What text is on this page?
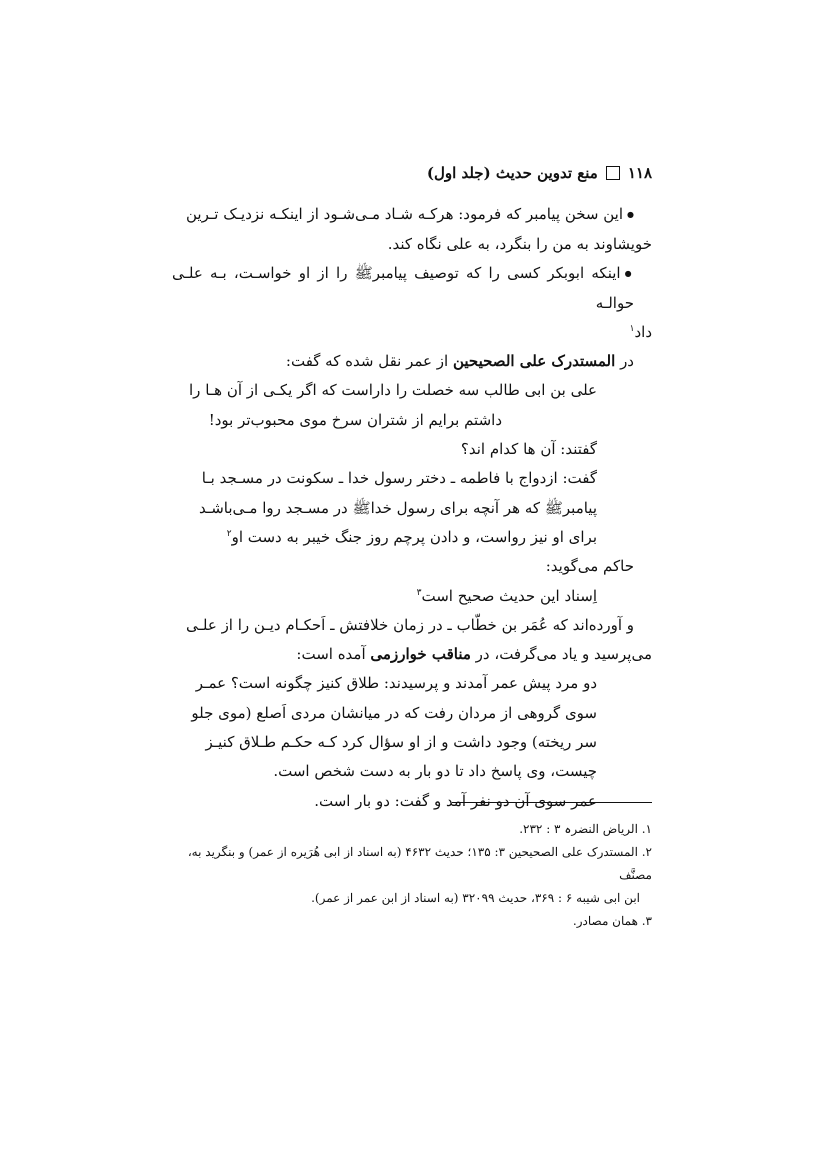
۱۱۸
منع تدوین حدیث (جلد اول)
● این سخن پیامبر که فرمود: هرکـه شـاد مـی‌شـود از اینکـه نزدیـک تـرین
خویشاوند به من را بنگرد، به علی نگاه کند.
● اینکه ابوبکر کسی را که توصیف پیامبرﷺ را از او خواسـت، بـه علـی حوالـه
داد$^۱$
در المستدرک علی الصحیحین از عمر نقل شده که گفت:
علی بن ابی طالب سه خصلت را داراست که اگر یکـی از آن هـا را
داشتم برایم از شتران سرخ موی محبوب‌تر بود!
گفتند: آن ها کدام اند؟
گفت: ازدواج با فاطمه ـ دختر رسول خدا ـ سکونت در مسـجد بـا
پیامبرﷺ که هر آنچه برای رسول خداﷺ در مسـجد روا مـی‌باشـد
برای او نیز رواست، و دادن پرچم روز جنگ خیبر به دست او$^۲$
حاکم می‌گوید:
اِسناد این حدیث صحیح است$^۳$
و آورده‌اند که عُمَر بن خطّاب ـ در زمان خلافتش ـ اَحکـام دیـن را از علـی
می‌پرسید و یاد می‌گرفت، در مناقب خوارزمی آمده است:
دو مرد پیش عمر آمدند و پرسیدند: طلاق کنیز چگونه است؟ عمـر
سوی گروهی از مردان رفت که در میانشان مردی اَصلع (موی جلو
سر ریخته) وجود داشت و از او سؤال کرد کـه حکـم طـلاق کنیـز
چیست، وی پاسخ داد تا دو بار به دست شخص است.
عمر سوی آن دو نفر آمد و گفت: دو بار است.
۱. الریاض النضرہ ۳ : ۲۳۲.
۲. المستدرک علی الصحیحین ۳: ۱۳۵؛ حدیث ۴۶۳۲ (به اسناد از ابی هُرَیره از عمر) و بنگرید به، مصنَّف
ابن ابی شیبه ۶ : ۳۶۹، حدیث ۳۲۰۹۹ (به اسناد از ابن عمر از عمر).
۳. همان مصادر.
